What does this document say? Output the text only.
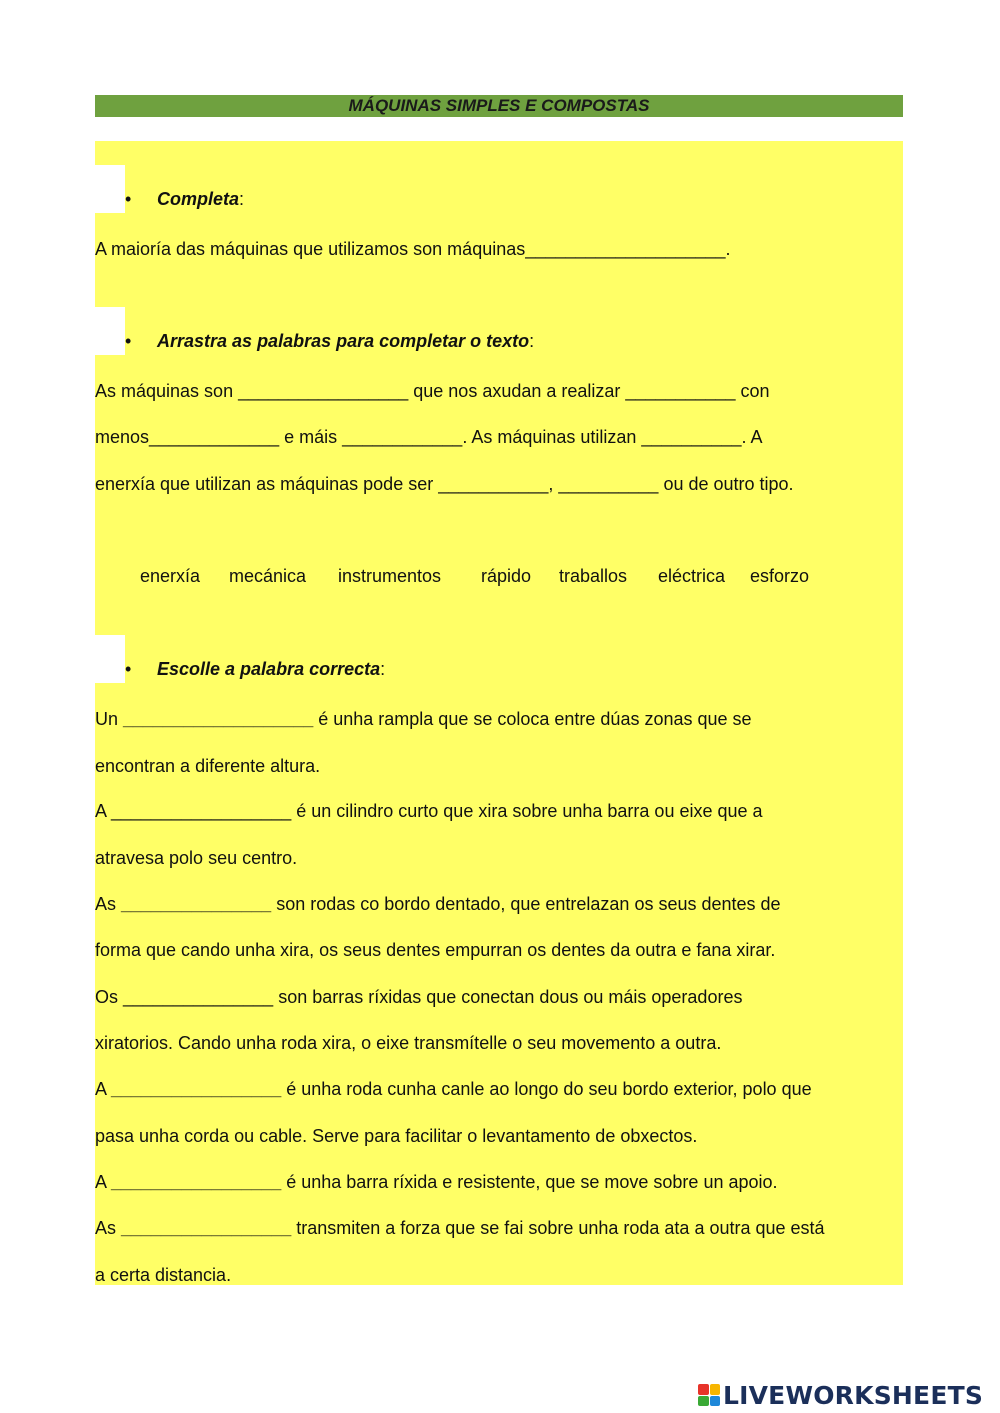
MÁQUINAS SIMPLES E COMPOSTAS
• Completa:
A maioría das máquinas que utilizamos son máquinas____________________.
• Arrastra as palabras para completar o texto:
As máquinas son _________________ que nos axudan a realizar ___________ con
menos_____________ e máis ____________. As máquinas utilizan __________. A
enerxía que utilizan as máquinas pode ser ___________, __________ ou de outro tipo.
enerxía mecánica instrumentos rápido traballos eléctrica esforzo
• Escolle a palabra correcta:
Un ___________________ é unha rampla que se coloca entre dúas zonas que se
encontran a diferente altura.
A __________________ é un cilindro curto que xira sobre unha barra ou eixe que a
atravesa polo seu centro.
As _______________ son rodas co bordo dentado, que entrelazan os seus dentes de
forma que cando unha xira, os seus dentes empurran os dentes da outra e fana xirar.
Os _______________ son barras ríxidas que conectan dous ou máis operadores
xiratorios. Cando unha roda xira, o eixe transmítelle o seu movemento a outra.
A _________________ é unha roda cunha canle ao longo do seu bordo exterior, polo que
pasa unha corda ou cable. Serve para facilitar o levantamento de obxectos.
A _________________ é unha barra ríxida e resistente, que se move sobre un apoio.
As _________________ transmiten a forza que se fai sobre unha roda ata a outra que está
a certa distancia.
LIVEWORKSHEETS
